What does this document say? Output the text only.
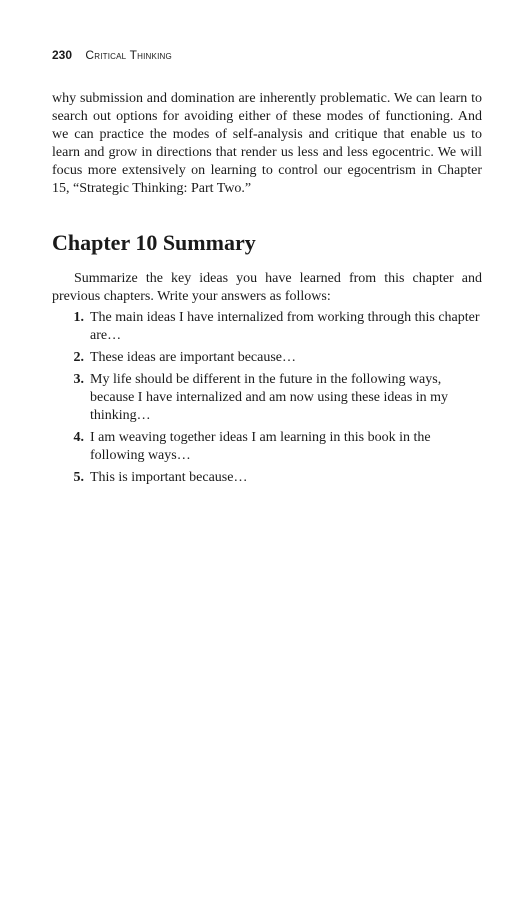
230 Critical Thinking

why submission and domination are inherently problematic. We can learn to search out options for avoiding either of these modes of functioning. And we can practice the modes of self-analysis and critique that enable us to learn and grow in directions that render us less and less egocentric. We will focus more extensively on learning to control our egocentrism in Chapter 15, “Strategic Thinking: Part Two.”

Chapter 10 Summary

Summarize the key ideas you have learned from this chapter and previous chapters. Write your answers as follows:

1. The main ideas I have internalized from working through this chapter are…
2. These ideas are important because…
3. My life should be different in the future in the following ways, because I have internalized and am now using these ideas in my thinking…
4. I am weaving together ideas I am learning in this book in the following ways…
5. This is important because…
